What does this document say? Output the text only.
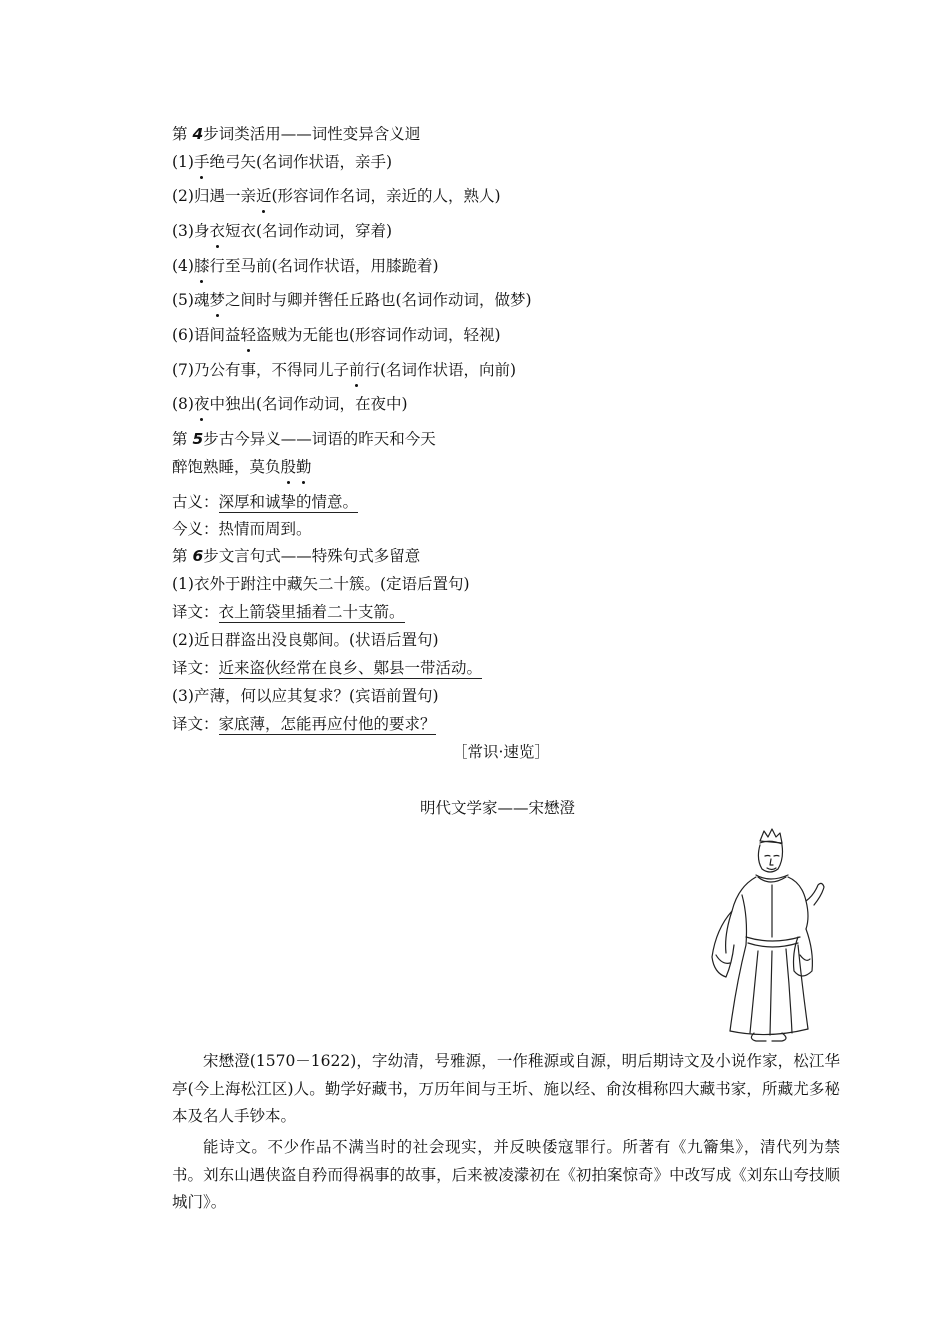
第 4步词类活用——词性变异含义迥
(1)手绝弓矢(名词作状语，亲手)
(2)归遇一亲近(形容词作名词，亲近的人，熟人)
(3)身衣短衣(名词作动词，穿着)
(4)膝行至马前(名词作状语，用膝跪着)
(5)魂梦之间时与卿并辔任丘路也(名词作动词，做梦)
(6)语间益轻盗贼为无能也(形容词作动词，轻视)
(7)乃公有事，不得同儿子前行(名词作状语，向前)
(8)夜中独出(名词作动词，在夜中)
第 5步古今异义——词语的昨天和今天
醉饱熟睡，莫负殷勤
古义：深厚和诚挚的情意。
今义：热情而周到。
第 6步文言句式——特殊句式多留意
(1)衣外于跗注中藏矢二十簇。(定语后置句)
译文：衣上箭袋里插着二十支箭。
(2)近日群盗出没良鄚间。(状语后置句)
译文：近来盗伙经常在良乡、鄚县一带活动。
(3)产薄，何以应其复求？(宾语前置句)
译文：家底薄，怎能再应付他的要求？
［常识·速览］
明代文学家——宋懋澄
宋懋澄(1570－1622)，字幼清，号雅源，一作稚源或自源，明后期诗文及小说作家，松江华亭(今上海松江区)人。勤学好藏书，万历年间与王圻、施以经、俞汝楫称四大藏书家，所藏尤多秘本及名人手钞本。
能诗文。不少作品不满当时的社会现实，并反映倭寇罪行。所著有《九籥集》，清代列为禁书。刘东山遇侠盗自矜而得祸事的故事，后来被凌濛初在《初拍案惊奇》中改写成《刘东山夸技顺城门》。
